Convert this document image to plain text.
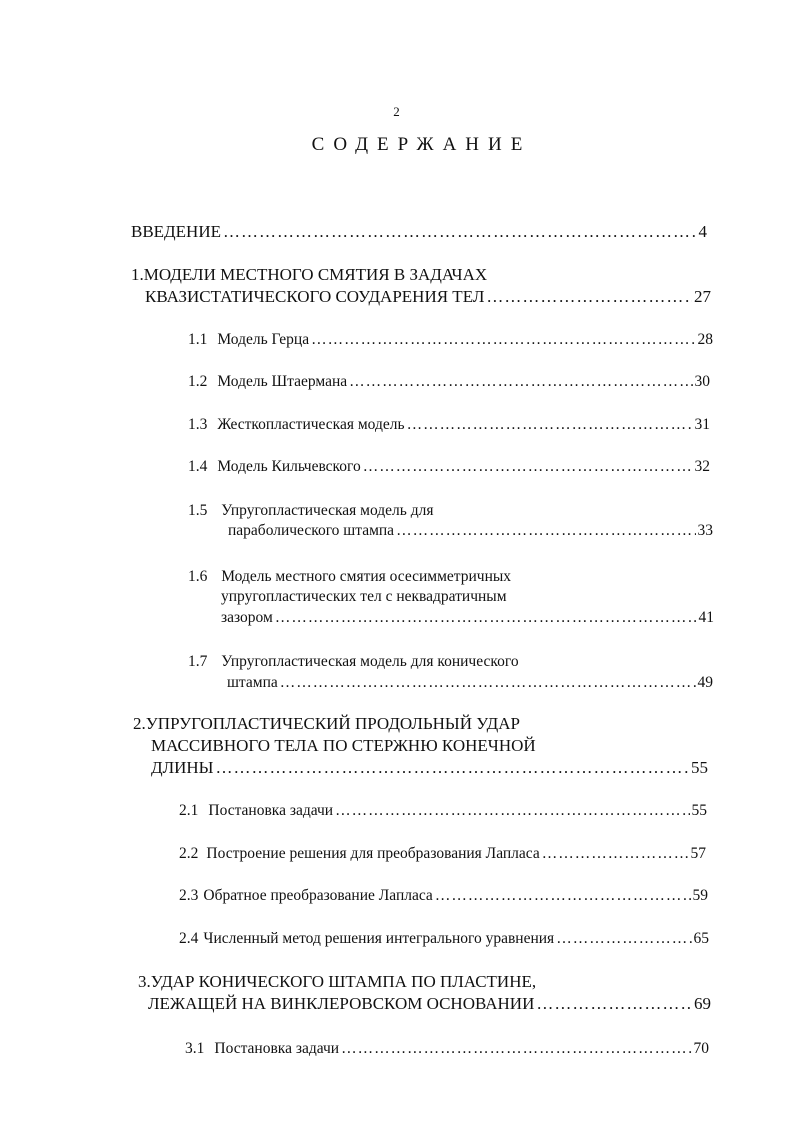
2
СОДЕРЖАНИЕ
ВВЕДЕНИЕ …………………………………………………………………………………………………………………………………………………………………………………………	4
1.МОДЕЛИ МЕСТНОГО СМЯТИЯ В ЗАДАЧАХ
КВАЗИСТАТИЧЕСКОГО СОУДАРЕНИЯ ТЕЛ …………………………………………………………………………………………………………………………………………………………………………………………	27
1.1 Модель Герца …………………………………………………………………………………………………………………………………………………………………………………………	28
1.2 Модель Штаермана …………………………………………………………………………………………………………………………………………………………………………………………	30
1.3 Жесткопластическая модель …………………………………………………………………………………………………………………………………………………………………………………………	31
1.4 Модель Кильчевского …………………………………………………………………………………………………………………………………………………………………………………………	32
1.5 Упругопластическая модель для
параболического штампа …………………………………………………………………………………………………………………………………………………………………………………………	33
1.6 Модель местного смятия осесимметричных
упругопластических тел с неквадратичным
зазором …………………………………………………………………………………………………………………………………………………………………………………………	41
1.7 Упругопластическая модель для конического
штампа …………………………………………………………………………………………………………………………………………………………………………………………	49
2.УПРУГОПЛАСТИЧЕСКИЙ ПРОДОЛЬНЫЙ УДАР
МАССИВНОГО ТЕЛА ПО СТЕРЖНЮ КОНЕЧНОЙ
ДЛИНЫ …………………………………………………………………………………………………………………………………………………………………………………………	55
2.1 Постановка задачи …………………………………………………………………………………………………………………………………………………………………………………………	55
2.2 Построение решения для преобразования Лапласа …………………………………………………………………………………………………………………………………………………………………………………………	57
2.3 Обратное преобразование Лапласа …………………………………………………………………………………………………………………………………………………………………………………………	59
2.4 Численный метод решения интегрального уравнения …………………………………………………………………………………………………………………………………………………………………………………………	65
3.УДАР КОНИЧЕСКОГО ШТАМПА ПО ПЛАСТИНЕ,
ЛЕЖАЩЕЙ НА ВИНКЛЕРОВСКОМ ОСНОВАНИИ …………………………………………………………………………………………………………………………………………………………………………………………	69
3.1 Постановка задачи …………………………………………………………………………………………………………………………………………………………………………………………	70
